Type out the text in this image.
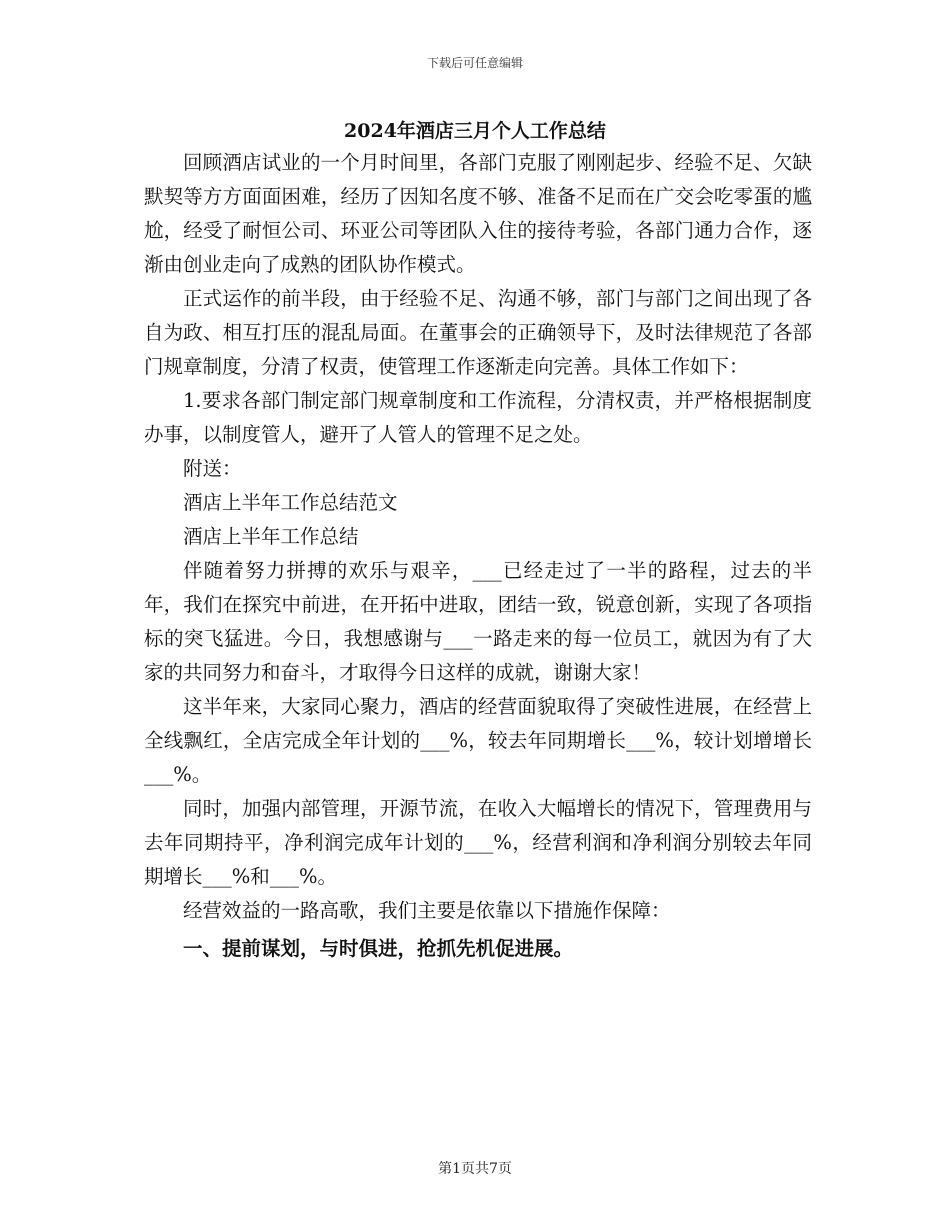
下载后可任意编辑
2024年酒店三月个人工作总结

回顾酒店试业的一个月时间里，各部门克服了刚刚起步、经验不足、欠缺默契等方方面面困难，经历了因知名度不够、准备不足而在广交会吃零蛋的尴尬，经受了耐恒公司、环亚公司等团队入住的接待考验，各部门通力合作，逐渐由创业走向了成熟的团队协作模式。

正式运作的前半段，由于经验不足、沟通不够，部门与部门之间出现了各自为政、相互打压的混乱局面。在董事会的正确领导下，及时法律规范了各部门规章制度，分清了权责，使管理工作逐渐走向完善。具体工作如下：

1.要求各部门制定部门规章制度和工作流程，分清权责，并严格根据制度办事，以制度管人，避开了人管人的管理不足之处。

附送：

酒店上半年工作总结范文

酒店上半年工作总结

伴随着努力拼搏的欢乐与艰辛，___已经走过了一半的路程，过去的半年，我们在探究中前进，在开拓中进取，团结一致，锐意创新，实现了各项指标的突飞猛进。今日，我想感谢与___一路走来的每一位员工，就因为有了大家的共同努力和奋斗，才取得今日这样的成就，谢谢大家！

这半年来，大家同心聚力，酒店的经营面貌取得了突破性进展，在经营上全线飘红，全店完成全年计划的___%，较去年同期增长___%，较计划增增长___%。

同时，加强内部管理，开源节流，在收入大幅增长的情况下，管理费用与去年同期持平，净利润完成年计划的___%，经营利润和净利润分别较去年同期增长___%和___%。

经营效益的一路高歌，我们主要是依靠以下措施作保障：

一、提前谋划，与时俱进，抢抓先机促进展。

第1页共7页
